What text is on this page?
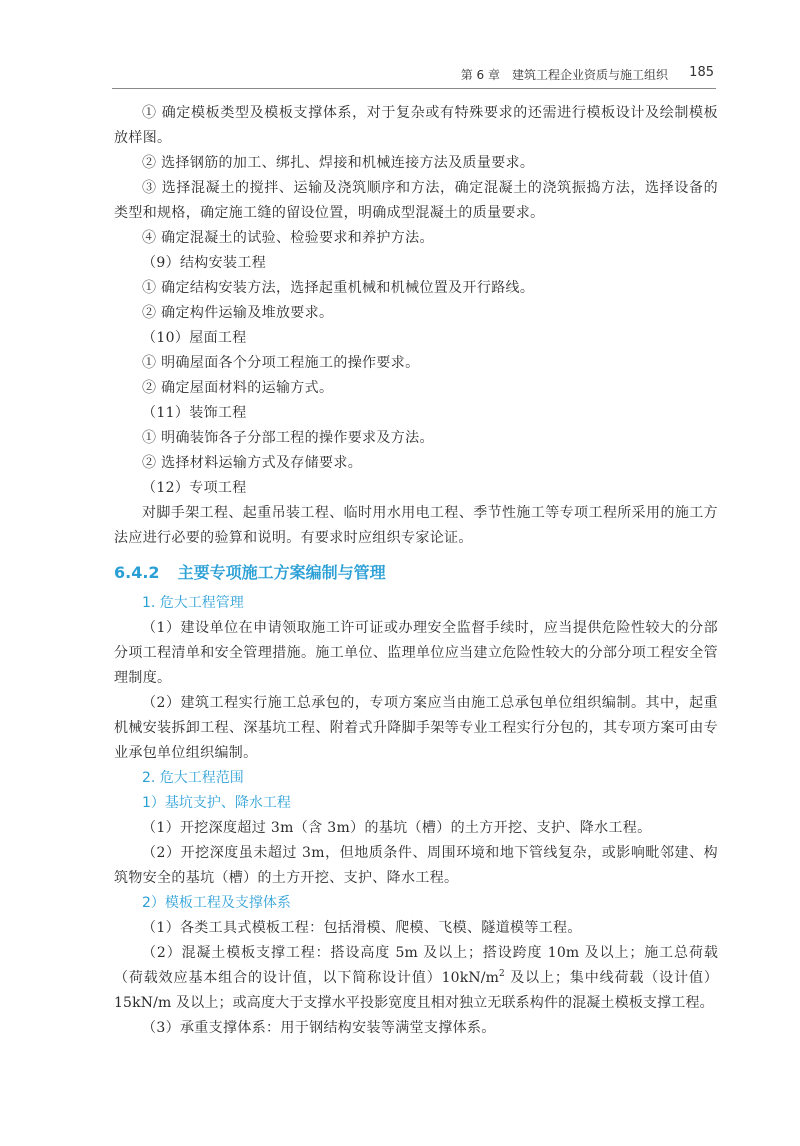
第 6 章　建筑工程企业资质与施工组织 185

① 确定模板类型及模板支撑体系，对于复杂或有特殊要求的还需进行模板设计及绘制模板放样图。

② 选择钢筋的加工、绑扎、焊接和机械连接方法及质量要求。

③ 选择混凝土的搅拌、运输及浇筑顺序和方法，确定混凝土的浇筑振捣方法，选择设备的类型和规格，确定施工缝的留设位置，明确成型混凝土的质量要求。

④ 确定混凝土的试验、检验要求和养护方法。

（9）结构安装工程

① 确定结构安装方法，选择起重机械和机械位置及开行路线。

② 确定构件运输及堆放要求。

（10）屋面工程

① 明确屋面各个分项工程施工的操作要求。

② 确定屋面材料的运输方式。

（11）装饰工程

① 明确装饰各子分部工程的操作要求及方法。

② 选择材料运输方式及存储要求。

（12）专项工程

对脚手架工程、起重吊装工程、临时用水用电工程、季节性施工等专项工程所采用的施工方法应进行必要的验算和说明。有要求时应组织专家论证。

6.4.2 主要专项施工方案编制与管理

1. 危大工程管理

（1）建设单位在申请领取施工许可证或办理安全监督手续时，应当提供危险性较大的分部分项工程清单和安全管理措施。施工单位、监理单位应当建立危险性较大的分部分项工程安全管理制度。

（2）建筑工程实行施工总承包的，专项方案应当由施工总承包单位组织编制。其中，起重机械安装拆卸工程、深基坑工程、附着式升降脚手架等专业工程实行分包的，其专项方案可由专业承包单位组织编制。

2. 危大工程范围

1）基坑支护、降水工程

（1）开挖深度超过 3m（含 3m）的基坑（槽）的土方开挖、支护、降水工程。

（2）开挖深度虽未超过 3m，但地质条件、周围环境和地下管线复杂，或影响毗邻建、构筑物安全的基坑（槽）的土方开挖、支护、降水工程。

2）模板工程及支撑体系

（1）各类工具式模板工程：包括滑模、爬模、飞模、隧道模等工程。

（2）混凝土模板支撑工程：搭设高度 5m 及以上；搭设跨度 10m 及以上；施工总荷载（荷载效应基本组合的设计值，以下简称设计值）$10kN/m^2$ 及以上；集中线荷载（设计值）15kN/m 及以上；或高度大于支撑水平投影宽度且相对独立无联系构件的混凝土模板支撑工程。

（3）承重支撑体系：用于钢结构安装等满堂支撑体系。
